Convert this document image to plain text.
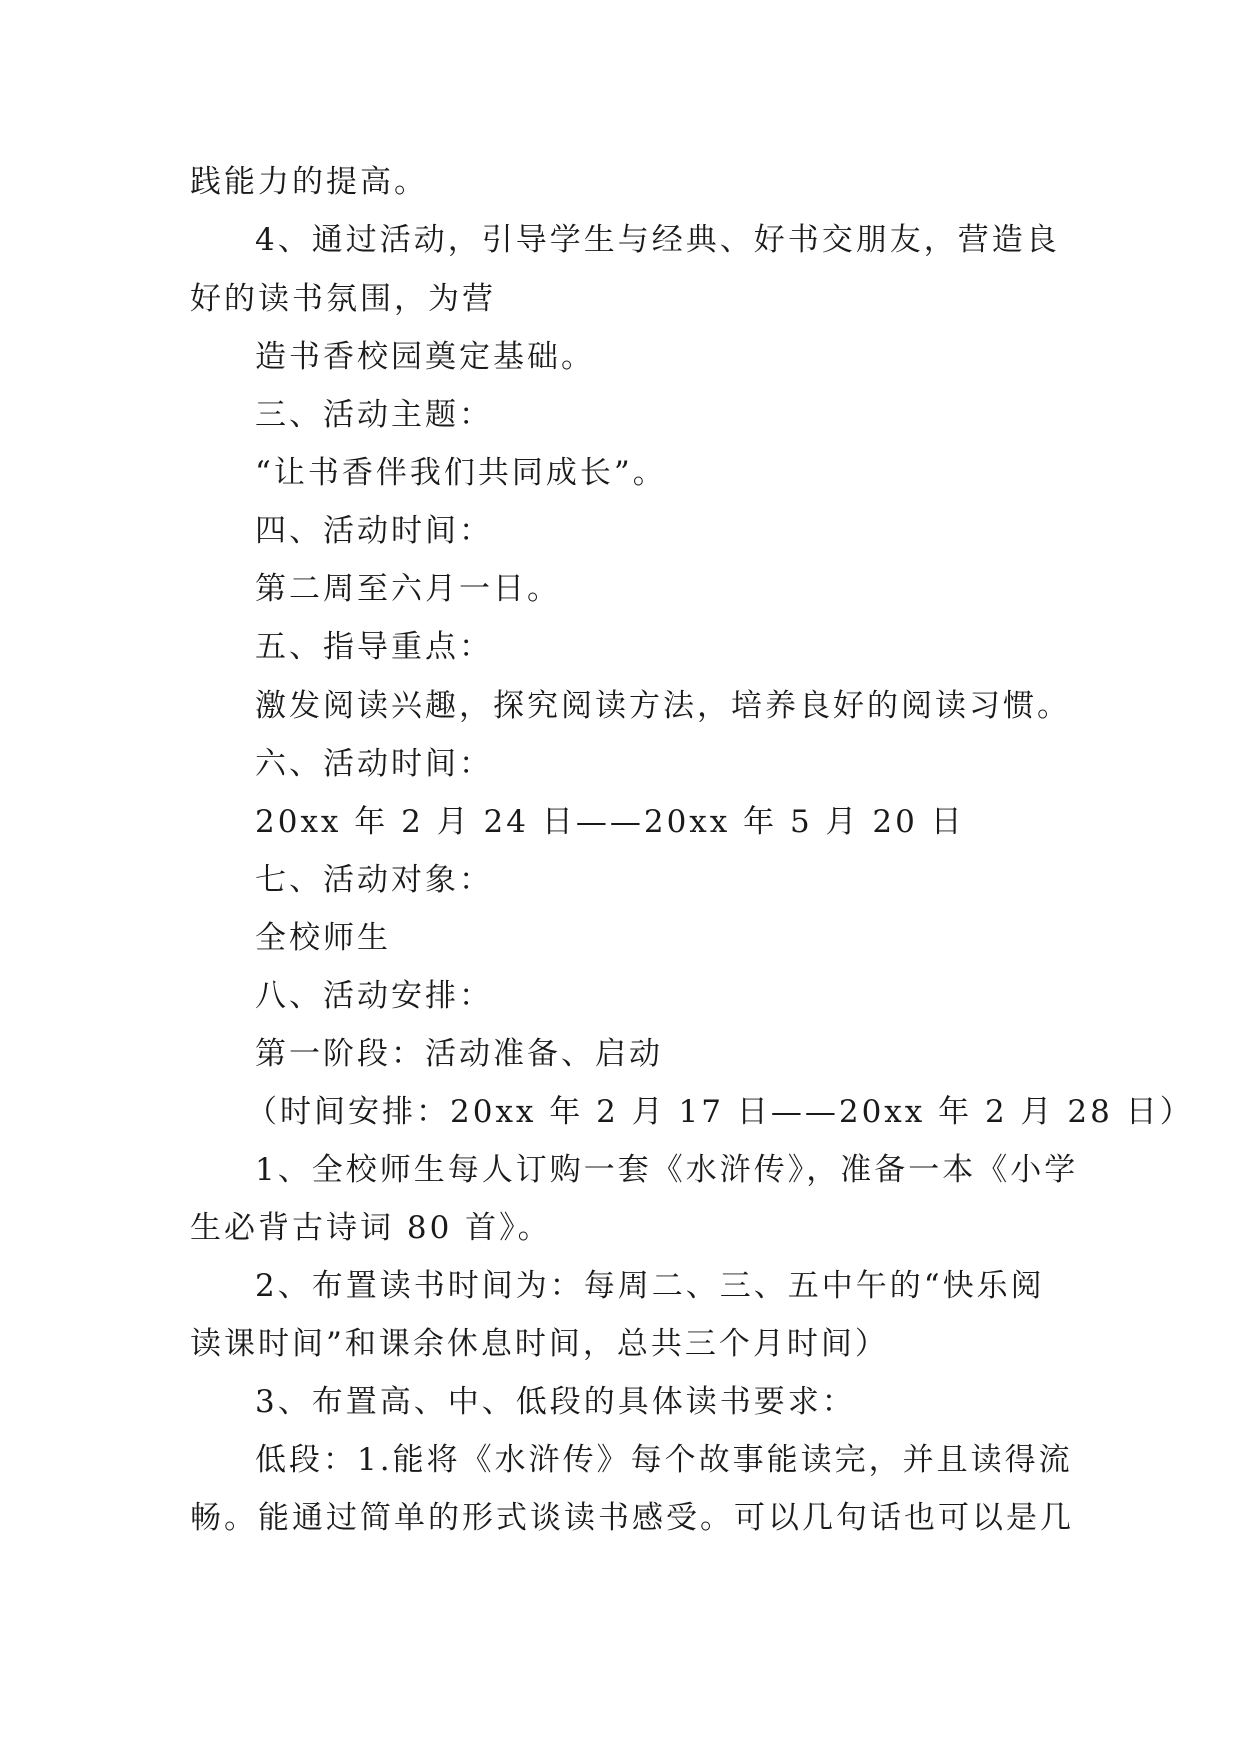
践能力的提高。
4、通过活动，引导学生与经典、好书交朋友，营造良
好的读书氛围，为营
造书香校园奠定基础。
三、活动主题：
“让书香伴我们共同成长”。
四、活动时间：
第二周至六月一日。
五、指导重点：
激发阅读兴趣，探究阅读方法，培养良好的阅读习惯。
六、活动时间：
20xx 年 2 月 24 日——20xx 年 5 月 20 日
七、活动对象：
全校师生
八、活动安排：
第一阶段：活动准备、启动
（时间安排：20xx 年 2 月 17 日——20xx 年 2 月 28 日）
1、全校师生每人订购一套《水浒传》，准备一本《小学
生必背古诗词 80 首》。
2、布置读书时间为：每周二、三、五中午的“快乐阅
读课时间”和课余休息时间，总共三个月时间）
3、布置高、中、低段的具体读书要求：
低段：1.能将《水浒传》每个故事能读完，并且读得流
畅。能通过简单的形式谈读书感受。可以几句话也可以是几
